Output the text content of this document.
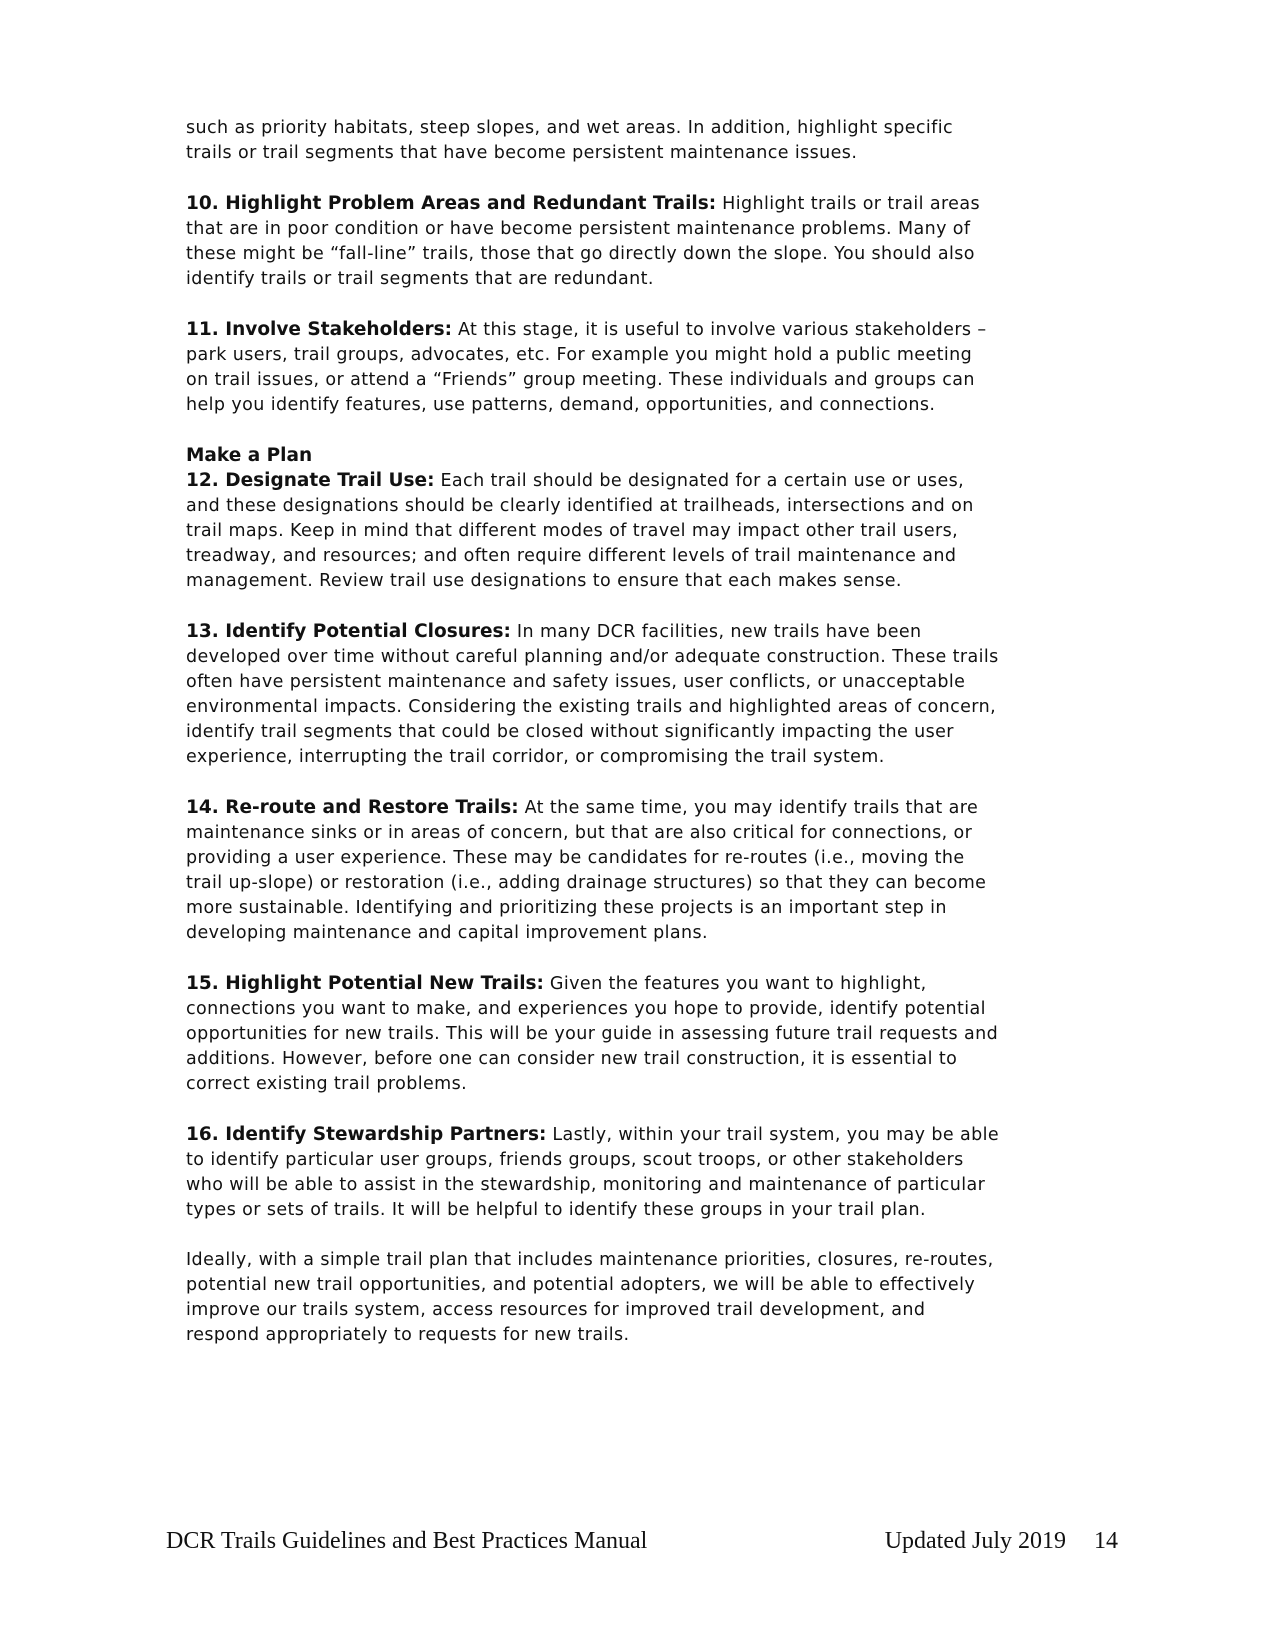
such as priority habitats, steep slopes, and wet areas. In addition, highlight specific
trails or trail segments that have become persistent maintenance issues.
10. Highlight Problem Areas and Redundant Trails: Highlight trails or trail areas
that are in poor condition or have become persistent maintenance problems. Many of
these might be “fall-line” trails, those that go directly down the slope. You should also
identify trails or trail segments that are redundant.
11. Involve Stakeholders: At this stage, it is useful to involve various stakeholders –
park users, trail groups, advocates, etc. For example you might hold a public meeting
on trail issues, or attend a “Friends” group meeting. These individuals and groups can
help you identify features, use patterns, demand, opportunities, and connections.
Make a Plan
12. Designate Trail Use: Each trail should be designated for a certain use or uses,
and these designations should be clearly identified at trailheads, intersections and on
trail maps. Keep in mind that different modes of travel may impact other trail users,
treadway, and resources; and often require different levels of trail maintenance and
management. Review trail use designations to ensure that each makes sense.
13. Identify Potential Closures: In many DCR facilities, new trails have been
developed over time without careful planning and/or adequate construction. These trails
often have persistent maintenance and safety issues, user conflicts, or unacceptable
environmental impacts. Considering the existing trails and highlighted areas of concern,
identify trail segments that could be closed without significantly impacting the user
experience, interrupting the trail corridor, or compromising the trail system.
14. Re-route and Restore Trails: At the same time, you may identify trails that are
maintenance sinks or in areas of concern, but that are also critical for connections, or
providing a user experience. These may be candidates for re-routes (i.e., moving the
trail up-slope) or restoration (i.e., adding drainage structures) so that they can become
more sustainable. Identifying and prioritizing these projects is an important step in
developing maintenance and capital improvement plans.
15. Highlight Potential New Trails: Given the features you want to highlight,
connections you want to make, and experiences you hope to provide, identify potential
opportunities for new trails. This will be your guide in assessing future trail requests and
additions. However, before one can consider new trail construction, it is essential to
correct existing trail problems.
16. Identify Stewardship Partners: Lastly, within your trail system, you may be able
to identify particular user groups, friends groups, scout troops, or other stakeholders
who will be able to assist in the stewardship, monitoring and maintenance of particular
types or sets of trails. It will be helpful to identify these groups in your trail plan.
Ideally, with a simple trail plan that includes maintenance priorities, closures, re-routes,
potential new trail opportunities, and potential adopters, we will be able to effectively
improve our trails system, access resources for improved trail development, and
respond appropriately to requests for new trails.
DCR Trails Guidelines and Best Practices Manual	Updated July 2019 14
